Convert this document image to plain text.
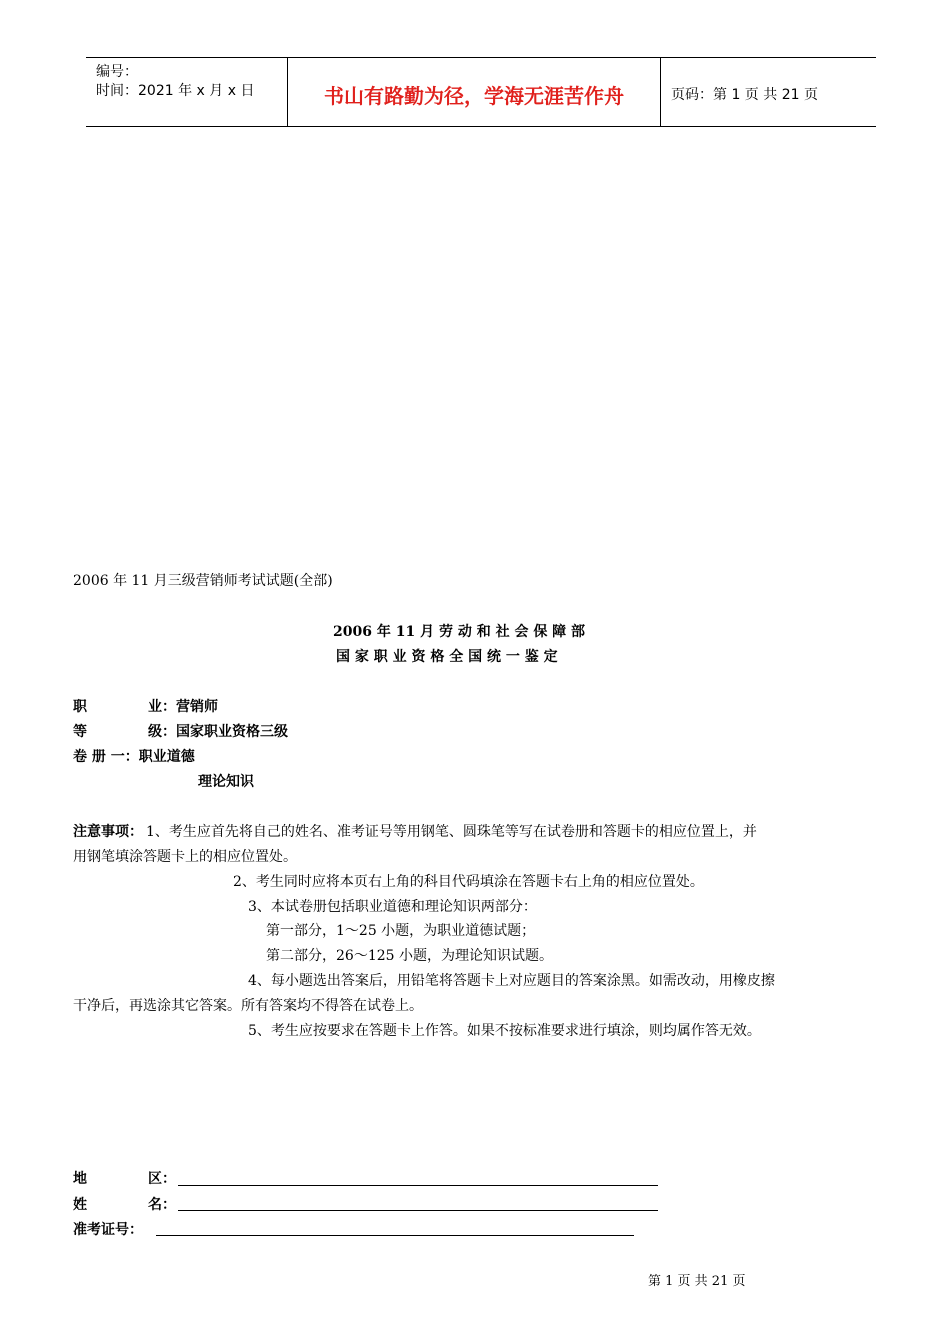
编号：
时间：2021 年 x 月 x 日	书山有路勤为径，学海无涯苦作舟	页码：第 1 页 共 21 页
2006 年 11 月三级营销师考试试题(全部)
2006 年 11 月 劳 动 和 社 会 保 障 部
国 家 职 业 资 格 全 国 统 一 鉴 定
职	业：营销师
等	级：国家职业资格三级
卷 册 一：职业道德
理论知识
注意事项： 1、考生应首先将自己的姓名、准考证号等用钢笔、圆珠笔等写在试卷册和答题卡的相应位置上，并
用钢笔填涂答题卡上的相应位置处。
2、考生同时应将本页右上角的科目代码填涂在答题卡右上角的相应位置处。
3、本试卷册包括职业道德和理论知识两部分：
第一部分，1～25 小题，为职业道德试题；
第二部分，26～125 小题，为理论知识试题。
4、每小题选出答案后，用铅笔将答题卡上对应题目的答案涂黑。如需改动，用橡皮擦
干净后，再选涂其它答案。所有答案均不得答在试卷上。
5、考生应按要求在答题卡上作答。如果不按标准要求进行填涂，则均属作答无效。
地	区：
姓	名：
准考证号：
第 1 页 共 21 页
